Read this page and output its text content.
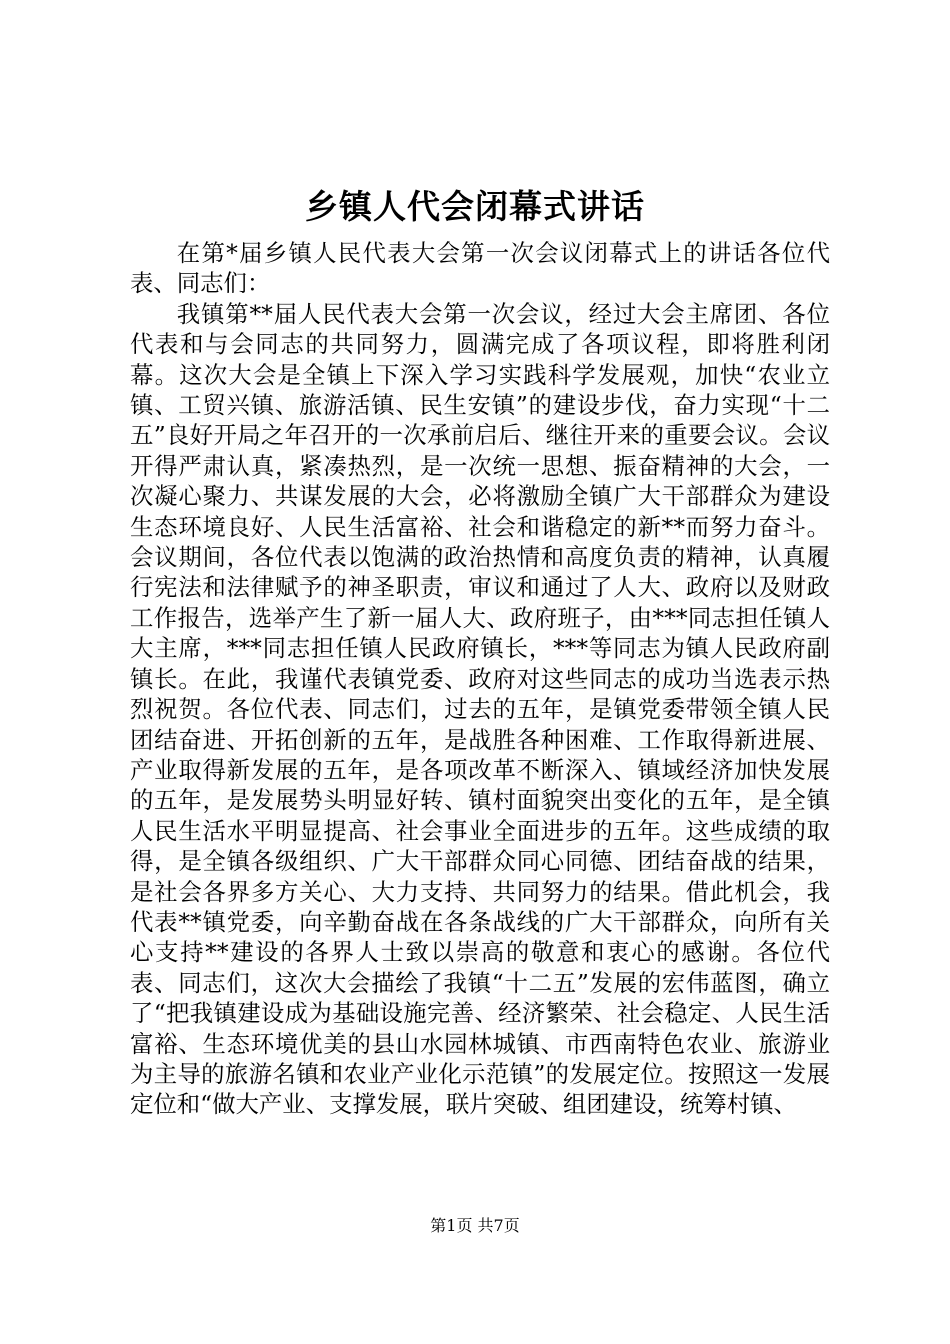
乡镇人代会闭幕式讲话

在第*届乡镇人民代表大会第一次会议闭幕式上的讲话各位代表、同志们：

我镇第**届人民代表大会第一次会议，经过大会主席团、各位代表和与会同志的共同努力，圆满完成了各项议程，即将胜利闭幕。这次大会是全镇上下深入学习实践科学发展观，加快“农业立镇、工贸兴镇、旅游活镇、民生安镇”的建设步伐，奋力实现“十二五”良好开局之年召开的一次承前启后、继往开来的重要会议。会议开得严肃认真，紧凑热烈，是一次统一思想、振奋精神的大会，一次凝心聚力、共谋发展的大会，必将激励全镇广大干部群众为建设生态环境良好、人民生活富裕、社会和谐稳定的新**而努力奋斗。会议期间，各位代表以饱满的政治热情和高度负责的精神，认真履行宪法和法律赋予的神圣职责，审议和通过了人大、政府以及财政工作报告，选举产生了新一届人大、政府班子，由***同志担任镇人大主席，***同志担任镇人民政府镇长，***等同志为镇人民政府副镇长。在此，我谨代表镇党委、政府对这些同志的成功当选表示热烈祝贺。各位代表、同志们，过去的五年，是镇党委带领全镇人民团结奋进、开拓创新的五年，是战胜各种困难、工作取得新进展、产业取得新发展的五年，是各项改革不断深入、镇域经济加快发展的五年，是发展势头明显好转、镇村面貌突出变化的五年，是全镇人民生活水平明显提高、社会事业全面进步的五年。这些成绩的取得，是全镇各级组织、广大干部群众同心同德、团结奋战的结果，是社会各界多方关心、大力支持、共同努力的结果。借此机会，我代表**镇党委，向辛勤奋战在各条战线的广大干部群众，向所有关心支持**建设的各界人士致以崇高的敬意和衷心的感谢。各位代表、同志们，这次大会描绘了我镇“十二五”发展的宏伟蓝图，确立了“把我镇建设成为基础设施完善、经济繁荣、社会稳定、人民生活富裕、生态环境优美的县山水园林城镇、市西南特色农业、旅游业为主导的旅游名镇和农业产业化示范镇”的发展定位。按照这一发展定位和“做大产业、支撑发展，联片突破、组团建设，统筹村镇、

第1页 共7页
